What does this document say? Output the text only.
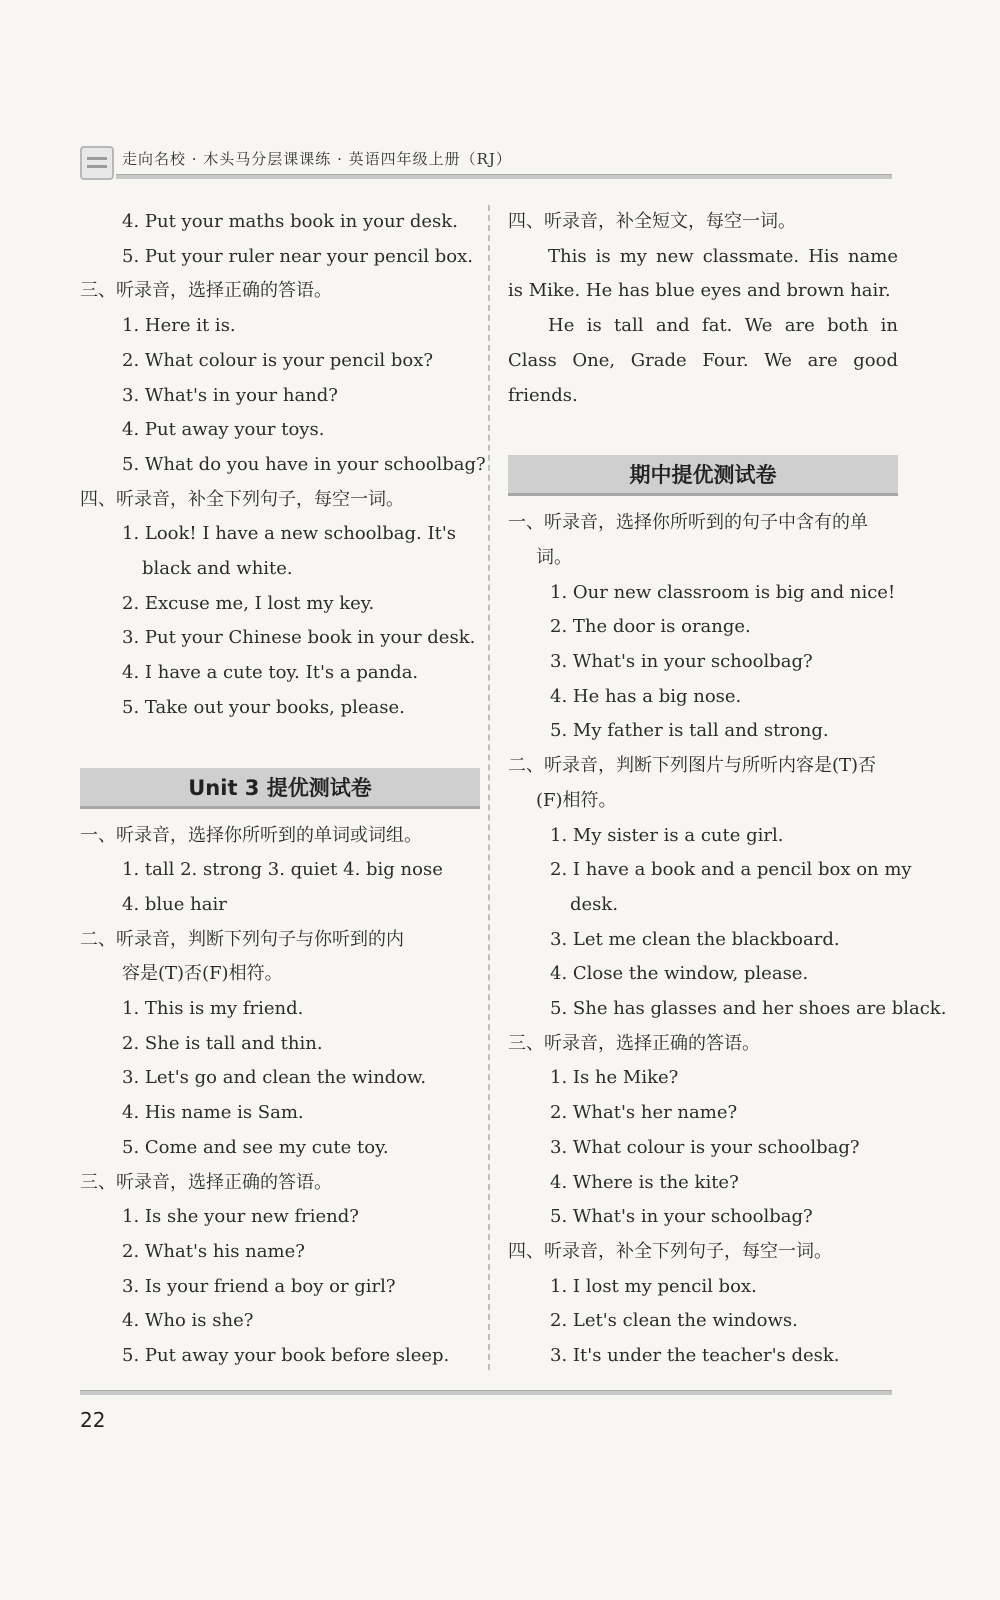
走向名校 · 木头马分层课课练 · 英语四年级上册（RJ）
4. Put your maths book in your desk.
5. Put your ruler near your pencil box.
三、听录音，选择正确的答语。
1. Here it is.
2. What colour is your pencil box?
3. What's in your hand?
4. Put away your toys.
5. What do you have in your schoolbag?
四、听录音，补全下列句子，每空一词。
1. Look! I have a new schoolbag. It's
black and white.
2. Excuse me, I lost my key.
3. Put your Chinese book in your desk.
4. I have a cute toy. It's a panda.
5. Take out your books, please.
Unit 3 提优测试卷
一、听录音，选择你所听到的单词或词组。
1. tall 2. strong 3. quiet 4. big nose
4. blue hair
二、听录音，判断下列句子与你听到的内
容是(T)否(F)相符。
1. This is my friend.
2. She is tall and thin.
3. Let's go and clean the window.
4. His name is Sam.
5. Come and see my cute toy.
三、听录音，选择正确的答语。
1. Is she your new friend?
2. What's his name?
3. Is your friend a boy or girl?
4. Who is she?
5. Put away your book before sleep.
四、听录音，补全短文，每空一词。
This is my new classmate. His name is Mike. He has blue eyes and brown hair.
He is tall and fat. We are both in Class One, Grade Four. We are good friends.
期中提优测试卷
一、听录音，选择你所听到的句子中含有的单词。
1. Our new classroom is big and nice!
2. The door is orange.
3. What's in your schoolbag?
4. He has a big nose.
5. My father is tall and strong.
二、听录音，判断下列图片与所听内容是(T)否(F)相符。
1. My sister is a cute girl.
2. I have a book and a pencil box on my
desk.
3. Let me clean the blackboard.
4. Close the window, please.
5. She has glasses and her shoes are black.
三、听录音，选择正确的答语。
1. Is he Mike?
2. What's her name?
3. What colour is your schoolbag?
4. Where is the kite?
5. What's in your schoolbag?
四、听录音，补全下列句子，每空一词。
1. I lost my pencil box.
2. Let's clean the windows.
3. It's under the teacher's desk.
22
